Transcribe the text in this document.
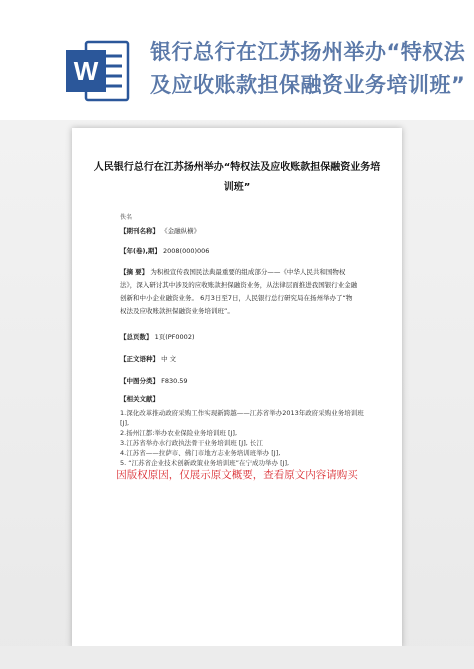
W
银行总行在江苏扬州举办“特权法及应收账款担保融资业务培训班”
人民银行总行在江苏扬州举办“特权法及应收账款担保融资业务培训班”
佚名
【期刊名称】 《金融纵横》
【年(卷),期】 2008(000)006
【摘 要】 为积极宣传我国民法典最重要的组成部分——《中华人民共和国物权法》，深入研讨其中涉及的应收账款担保融资业务，从法律层面推进我国银行业金融创新和中小企业融资业务。 6月3日至7日，人民银行总行研究局在扬州举办了“物权法及应收账款担保融资业务培训班”。
【总页数】 1页(PF0002)
【正文语种】 中 文
【中图分类】 F830.59
【相关文献】
1.深化改革推动政府采购工作实现新跨越——江苏省举办2013年政府采购业务培训班 [J],
2.扬州江都:举办农业保险业务培训班 [J],
3.江苏省举办水行政执法骨干业务培训班 [J], 长江
4.江苏省——拉萨市、佛门市地方志业务培训班举办 [J],
5. “江苏省企业技术创新政策业务培训班”在宁成功举办 [J],
因版权原因，仅展示原文概要，查看原文内容请购买
